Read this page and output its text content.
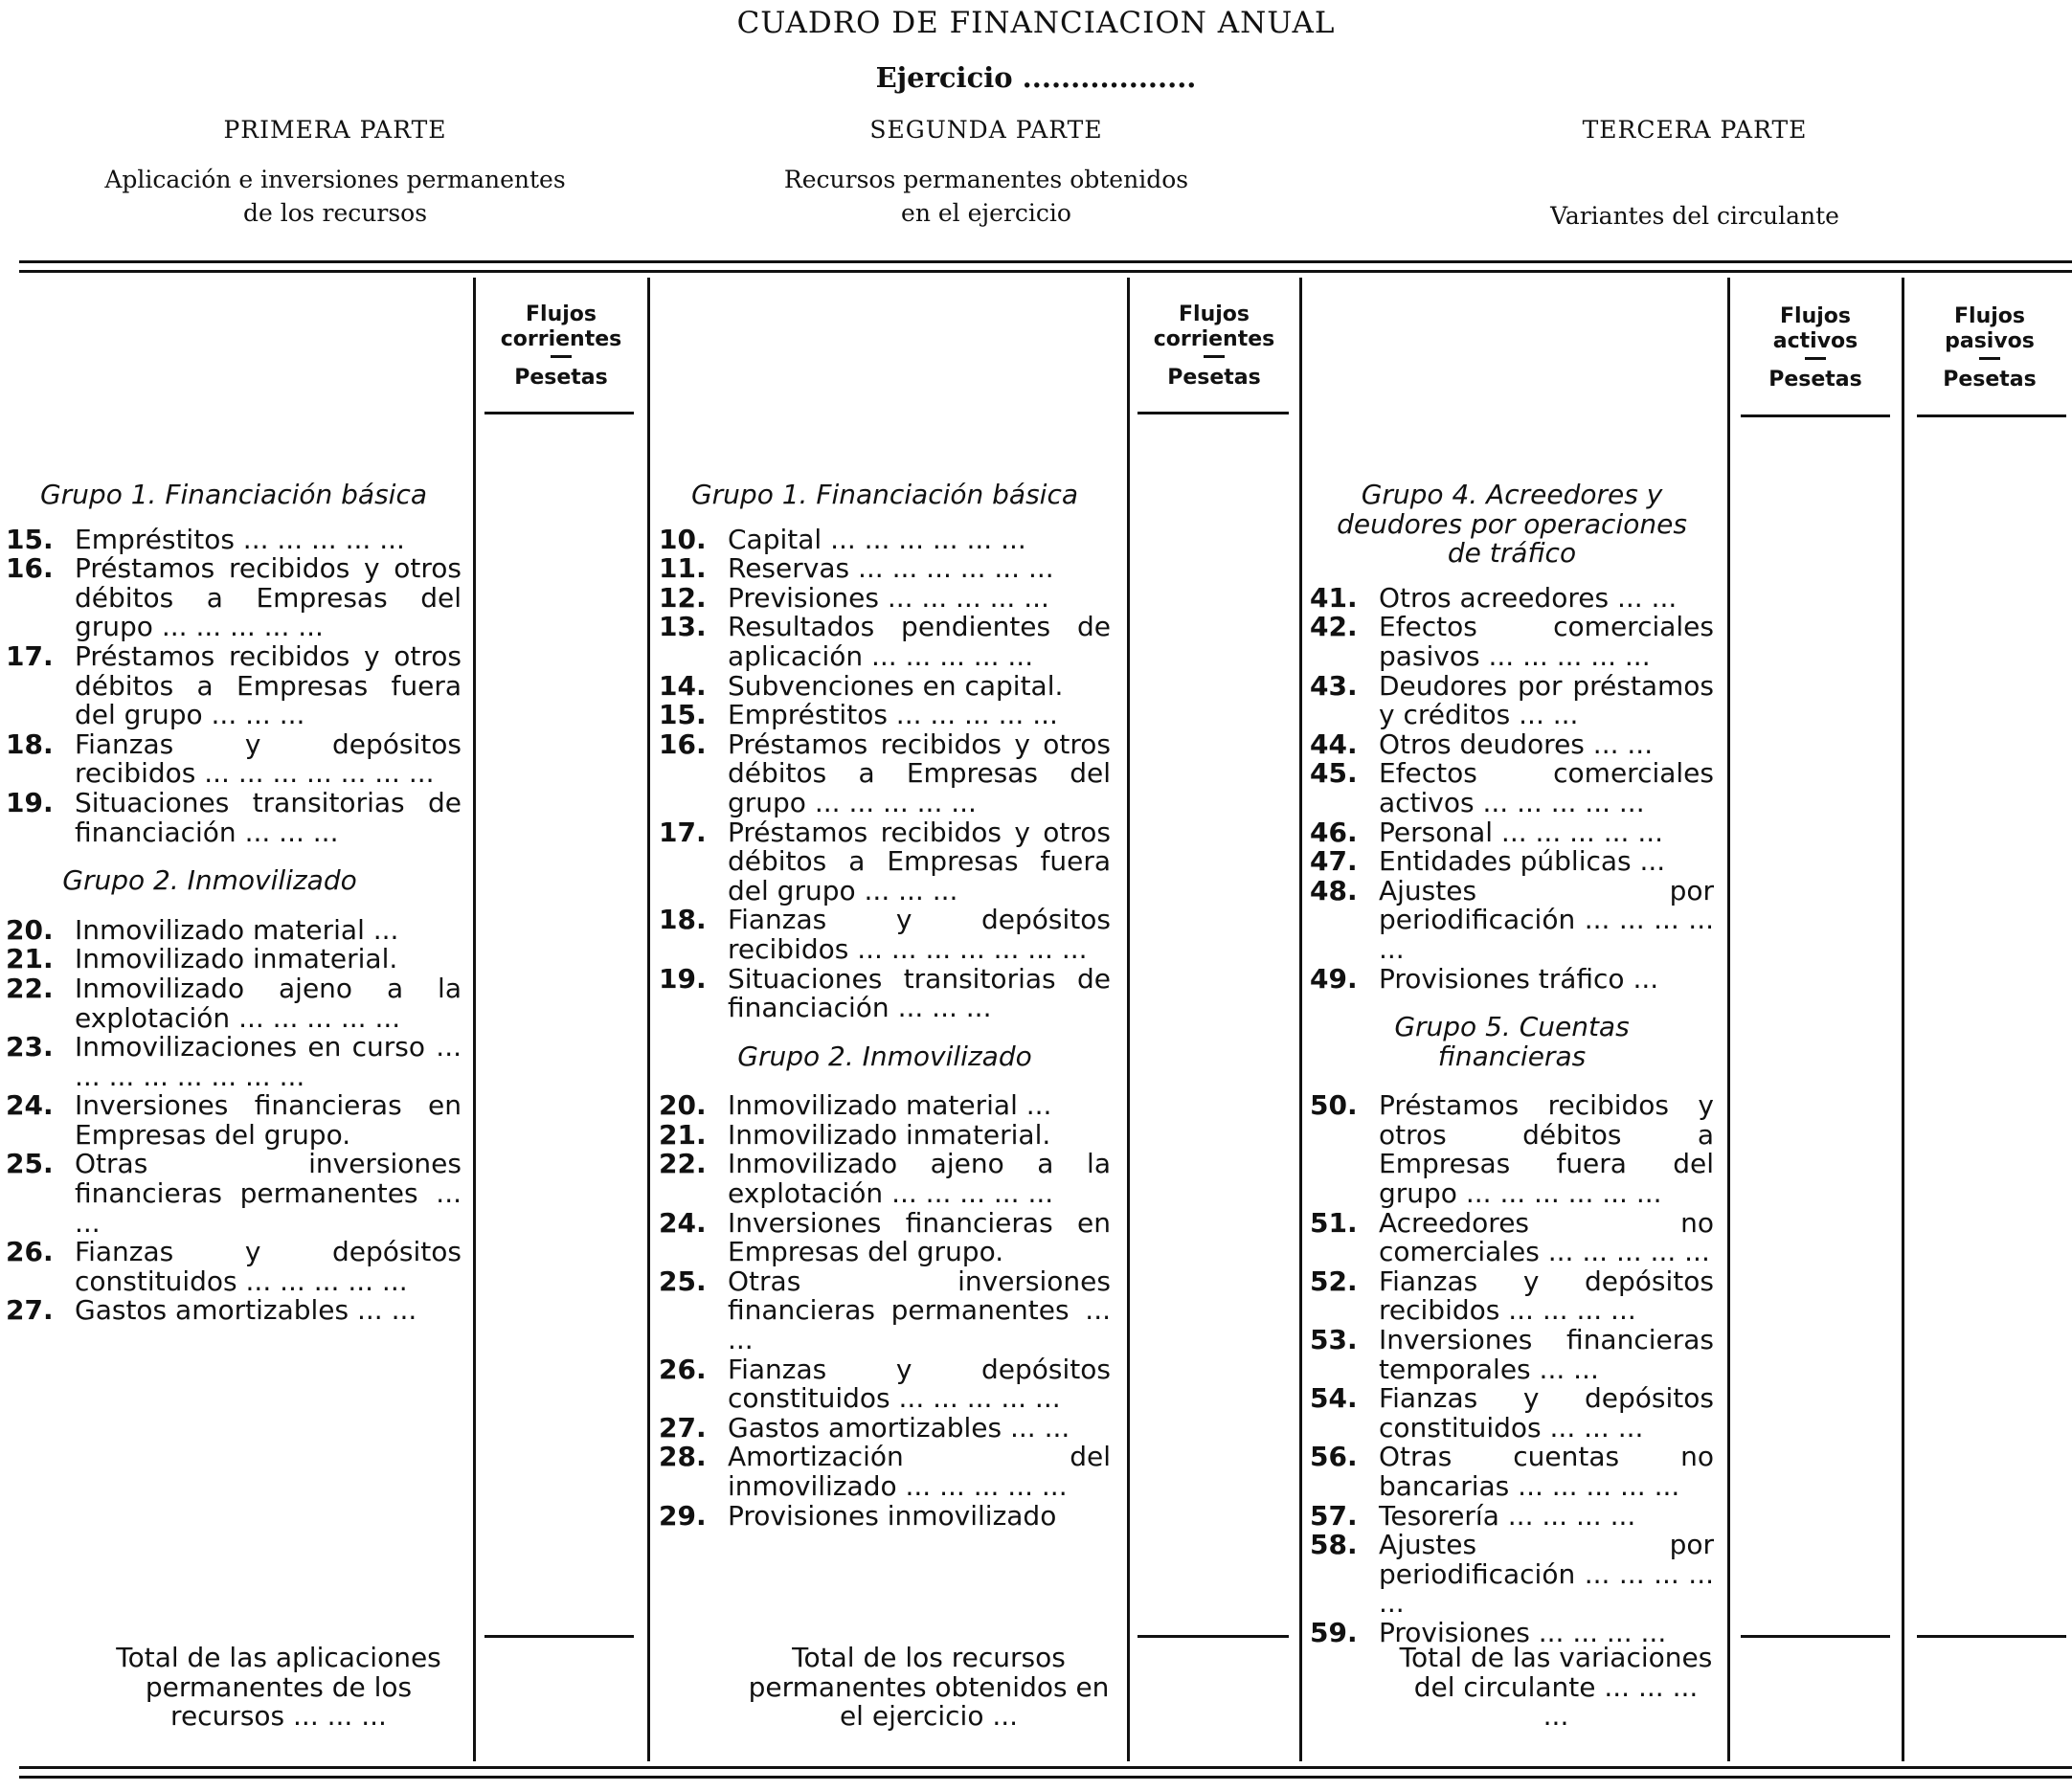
CUADRO DE FINANCIACION ANUAL
Ejercicio ..................
PRIMERA PARTE
Aplicación e inversiones permanentes
de los recursos
SEGUNDA PARTE
Recursos permanentes obtenidos
en el ejercicio
TERCERA PARTE
Variantes del circulante
Flujos
corrientes
Pesetas
Flujos
corrientes
Pesetas
Flujos
activos
Pesetas
Flujos
pasivos
Pesetas
Grupo 1. Financiación básica
15. Empréstitos ... ... ... ... ...
16. Préstamos recibidos y otros débitos a Empresas del grupo ... ... ... ... ...
17. Préstamos recibidos y otros débitos a Empresas fuera del grupo ... ... ...
18. Fianzas y depósitos recibidos ... ... ... ... ... ... ...
19. Situaciones transitorias de financiación ... ... ...
Grupo 2. Inmovilizado
20. Inmovilizado material ...
21. Inmovilizado inmaterial.
22. Inmovilizado ajeno a la explotación ... ... ... ... ...
23. Inmovilizaciones en curso ... ... ... ... ... ... ... ...
24. Inversiones financieras en Empresas del grupo.
25. Otras inversiones financieras permanentes ... ...
26. Fianzas y depósitos constituidos ... ... ... ... ...
27. Gastos amortizables ... ...
Total de las aplicaciones permanentes de los recursos ... ... ...
Grupo 1. Financiación básica
10. Capital ... ... ... ... ... ...
11. Reservas ... ... ... ... ... ...
12. Previsiones ... ... ... ... ...
13. Resultados pendientes de aplicación ... ... ... ... ...
14. Subvenciones en capital.
15. Empréstitos ... ... ... ... ...
16. Préstamos recibidos y otros débitos a Empresas del grupo ... ... ... ... ...
17. Préstamos recibidos y otros débitos a Empresas fuera del grupo ... ... ...
18. Fianzas y depósitos recibidos ... ... ... ... ... ... ...
19. Situaciones transitorias de financiación ... ... ...
Grupo 2. Inmovilizado
20. Inmovilizado material ...
21. Inmovilizado inmaterial.
22. Inmovilizado ajeno a la explotación ... ... ... ... ...
24. Inversiones financieras en Empresas del grupo.
25. Otras inversiones financieras permanentes ... ...
26. Fianzas y depósitos constituidos ... ... ... ... ...
27. Gastos amortizables ... ...
28. Amortización del inmovilizado ... ... ... ... ...
29. Provisiones inmovilizado
Total de los recursos permanentes obtenidos en el ejercicio ...
Grupo 4. Acreedores y deudores por operaciones de tráfico
41. Otros acreedores ... ...
42. Efectos comerciales pasivos ... ... ... ... ...
43. Deudores por préstamos y créditos ... ...
44. Otros deudores ... ...
45. Efectos comerciales activos ... ... ... ... ...
46. Personal ... ... ... ... ...
47. Entidades públicas ...
48. Ajustes por periodificación ... ... ... ... ...
49. Provisiones tráfico ...
Grupo 5. Cuentas financieras
50. Préstamos recibidos y otros débitos a Empresas fuera del grupo ... ... ... ... ... ...
51. Acreedores no comerciales ... ... ... ... ...
52. Fianzas y depósitos recibidos ... ... ... ...
53. Inversiones financieras temporales ... ...
54. Fianzas y depósitos constituidos ... ... ...
56. Otras cuentas no bancarias ... ... ... ... ...
57. Tesorería ... ... ... ...
58. Ajustes por periodificación ... ... ... ... ...
59. Provisiones ... ... ... ...
Total de las variaciones del circulante ... ... ... ...
